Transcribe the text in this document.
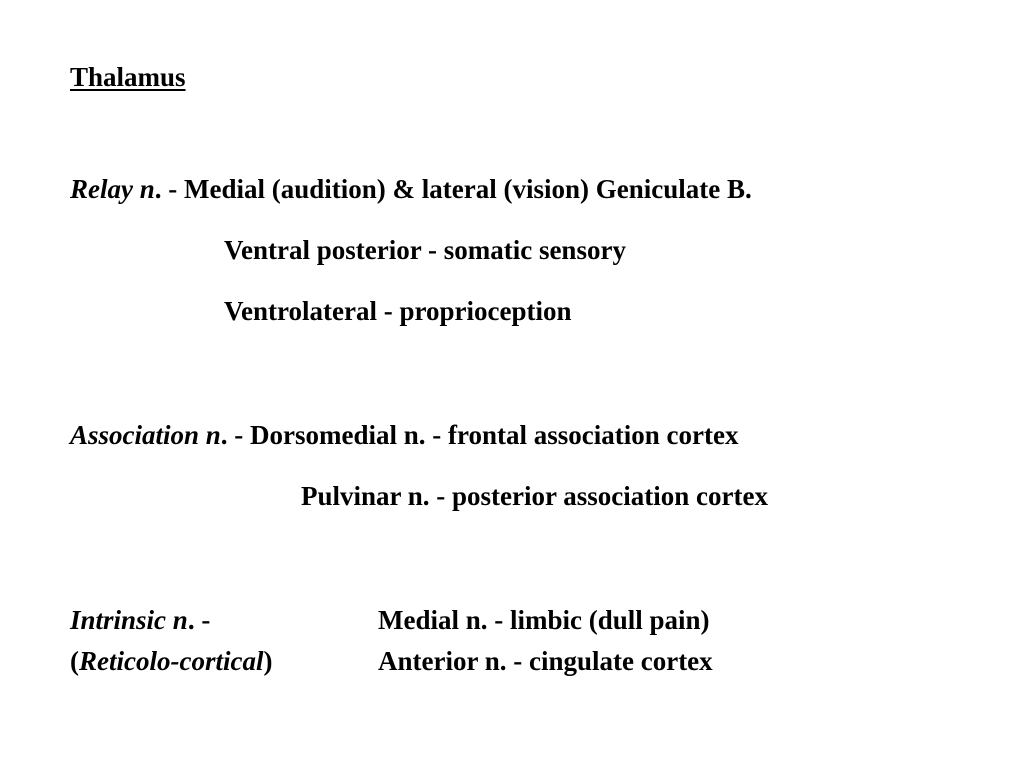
Thalamus
Relay n. - Medial (audition) & lateral (vision) Geniculate B.
Ventral posterior - somatic sensory
Ventrolateral - proprioception
Association n. - Dorsomedial n. - frontal association cortex
Pulvinar n. - posterior association cortex
Intrinsic n. -
(Reticolo-cortical)
Medial n. - limbic (dull pain)
Anterior n. - cingulate cortex
